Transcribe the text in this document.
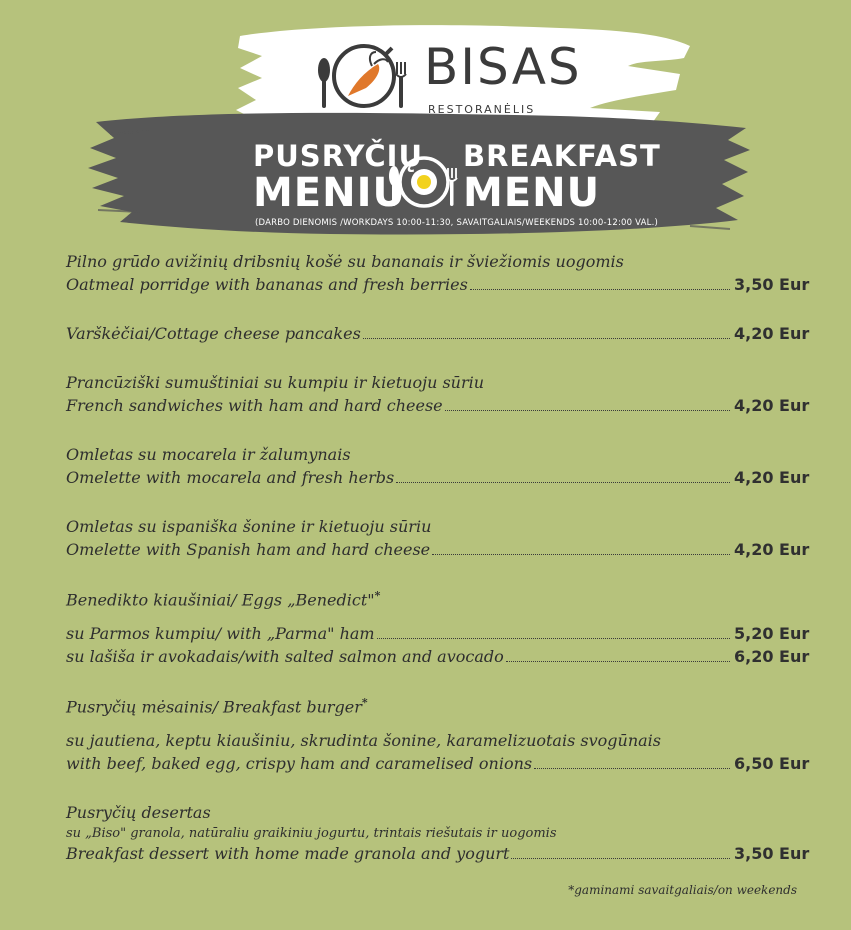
BISAS
RESTORANĖLIS
PUSRYČIŲ
MENIU
BREAKFAST
MENU
(DARBO DIENOMIS /WORKDAYS 10:00-11:30, SAVAITGALIAIS/WEEKENDS 10:00-12:00 VAL.)
Pilno grūdo avižinių dribsnių košė su bananais ir šviežiomis uogomis
Oatmeal porridge with bananas and fresh berries	3,50 Eur
Varškėčiai/Cottage cheese pancakes	4,20 Eur
Prancūziški sumuštiniai su kumpiu ir kietuoju sūriu
French sandwiches with ham and hard cheese	4,20 Eur
Omletas su mocarela ir žalumynais
Omelette with mocarela and fresh herbs	4,20 Eur
Omletas su ispaniška šonine ir kietuoju sūriu
Omelette with Spanish ham and hard cheese	4,20 Eur
Benedikto kiaušiniai/ Eggs „Benedict"*
su Parmos kumpiu/ with „Parma" ham	5,20 Eur
su lašiša ir avokadais/with salted salmon and avocado	6,20 Eur
Pusryčių mėsainis/ Breakfast burger*
su jautiena, keptu kiaušiniu, skrudinta šonine, karamelizuotais svogūnais
with beef, baked egg, crispy ham and caramelised onions	6,50 Eur
Pusryčių desertas
su „Biso" granola, natūraliu graikiniu jogurtu, trintais riešutais ir uogomis
Breakfast dessert with home made granola and yogurt	3,50 Eur
*gaminami savaitgaliais/on weekends
